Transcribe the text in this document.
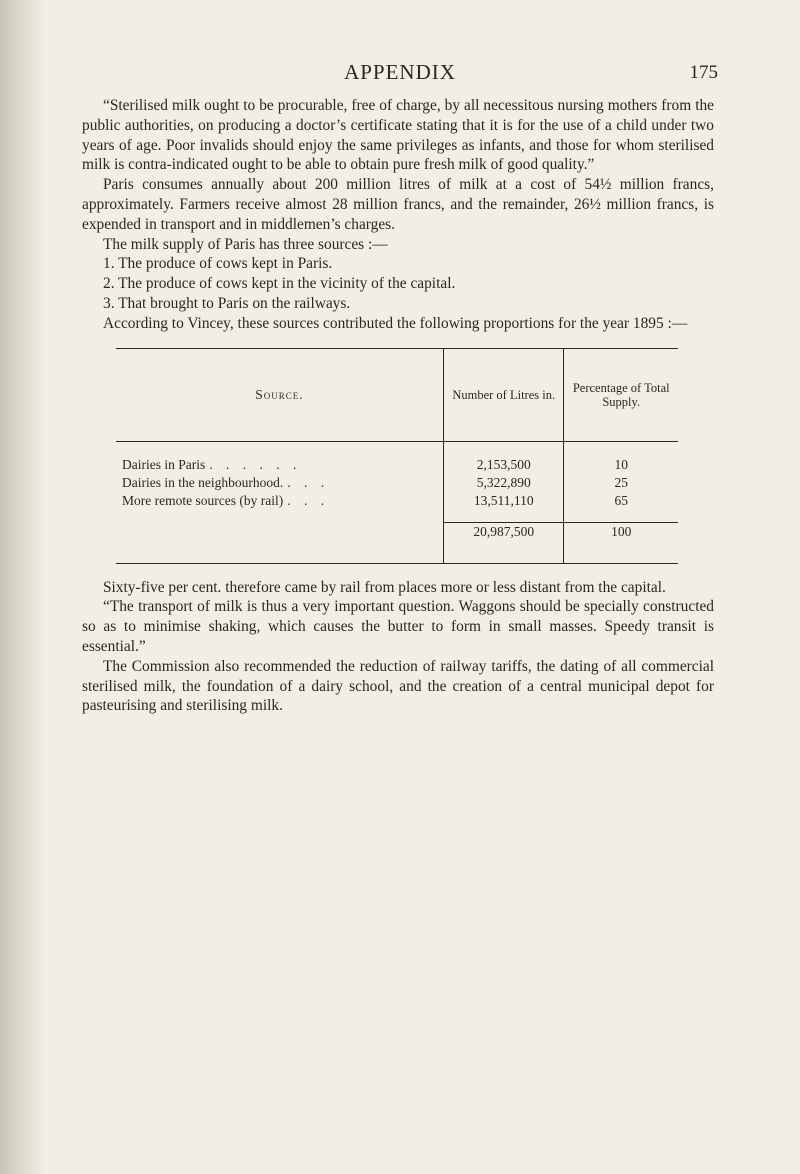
APPENDIX	175

“Sterilised milk ought to be procurable, free of charge, by all necessitous nursing mothers from the public authorities, on producing a doctor’s certificate stating that it is for the use of a child under two years of age. Poor invalids should enjoy the same privileges as infants, and those for whom sterilised milk is contra-indicated ought to be able to obtain pure fresh milk of good quality.”

Paris consumes annually about 200 million litres of milk at a cost of 54½ million francs, approximately. Farmers receive almost 28 million francs, and the remainder, 26½ million francs, is expended in transport and in middlemen’s charges.

The milk supply of Paris has three sources :—

1. The produce of cows kept in Paris.

2. The produce of cows kept in the vicinity of the capital.

3. That brought to Paris on the railways.

According to Vincey, these sources contributed the following proportions for the year 1895 :—

Source.	Number of Litres in.	Percentage of Total Supply.

Dairies in Paris . . . . . .	2,153,500	10

Dairies in the neighbourhood. . . .	5,322,890	25

More remote sources (by rail) . . .	13,511,110	65
	20,987,500	100

Sixty-five per cent. therefore came by rail from places more or less distant from the capital.

“The transport of milk is thus a very important question. Waggons should be specially constructed so as to minimise shaking, which causes the butter to form in small masses. Speedy transit is essential.”

The Commission also recommended the reduction of railway tariffs, the dating of all commercial sterilised milk, the foundation of a dairy school, and the creation of a central municipal depot for pasteurising and sterilising milk.
